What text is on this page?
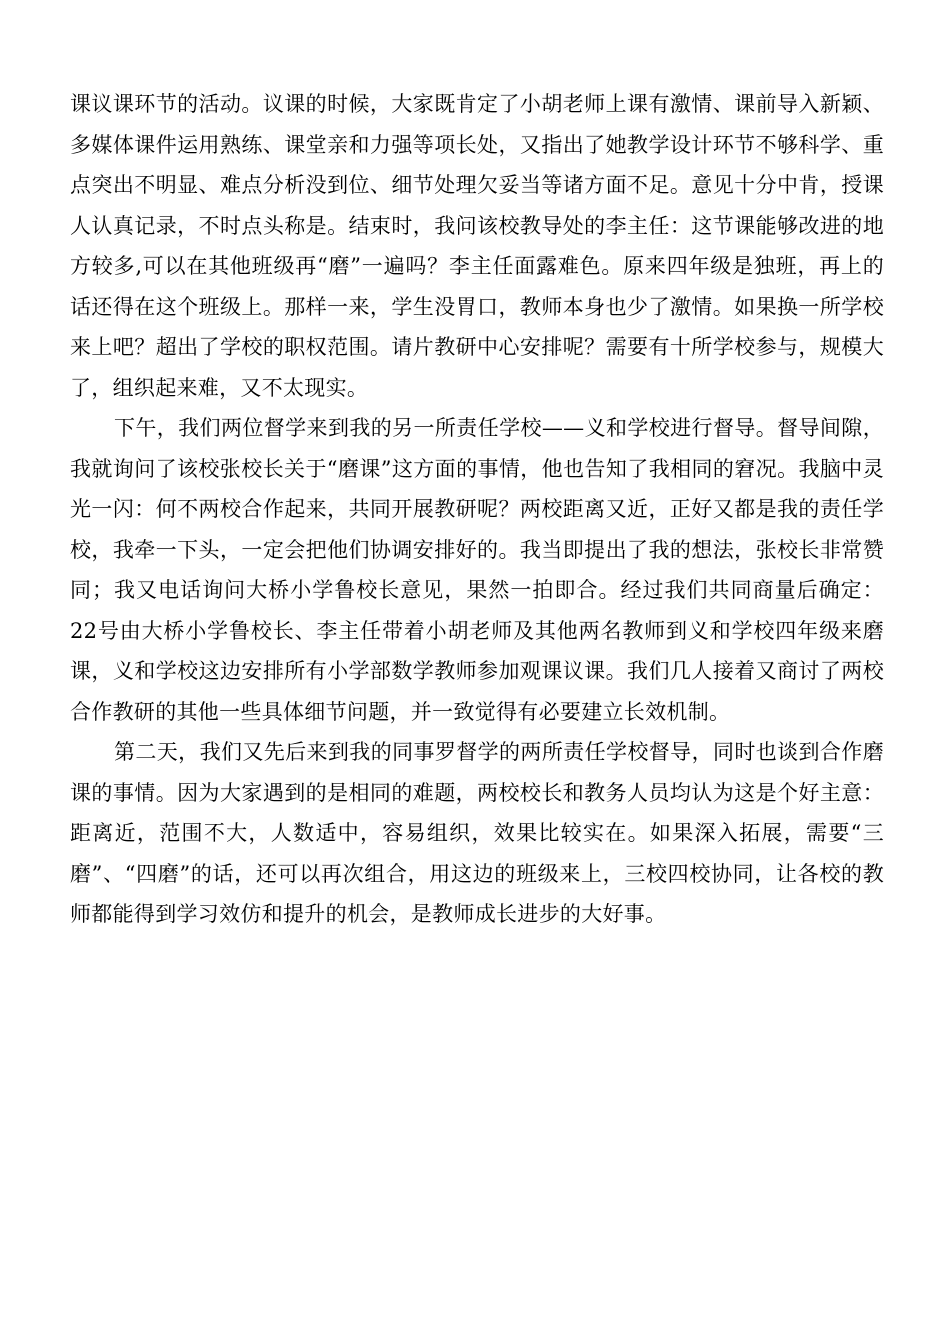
课议课环节的活动。议课的时候，大家既肯定了小胡老师上课有激情、课前导入新颖、多媒体课件运用熟练、课堂亲和力强等项长处，又指出了她教学设计环节不够科学、重点突出不明显、难点分析没到位、细节处理欠妥当等诸方面不足。意见十分中肯，授课人认真记录，不时点头称是。结束时，我问该校教导处的李主任：这节课能够改进的地方较多,可以在其他班级再“磨”一遍吗？李主任面露难色。原来四年级是独班，再上的话还得在这个班级上。那样一来，学生没胃口，教师本身也少了激情。如果换一所学校来上吧？超出了学校的职权范围。请片教研中心安排呢？需要有十所学校参与，规模大了，组织起来难，又不太现实。

下午，我们两位督学来到我的另一所责任学校——义和学校进行督导。督导间隙，我就询问了该校张校长关于“磨课”这方面的事情，他也告知了我相同的窘况。我脑中灵光一闪：何不两校合作起来，共同开展教研呢？两校距离又近，正好又都是我的责任学校，我牵一下头，一定会把他们协调安排好的。我当即提出了我的想法，张校长非常赞同；我又电话询问大桥小学鲁校长意见，果然一拍即合。经过我们共同商量后确定：22号由大桥小学鲁校长、李主任带着小胡老师及其他两名教师到义和学校四年级来磨课，义和学校这边安排所有小学部数学教师参加观课议课。我们几人接着又商讨了两校合作教研的其他一些具体细节问题，并一致觉得有必要建立长效机制。

第二天，我们又先后来到我的同事罗督学的两所责任学校督导，同时也谈到合作磨课的事情。因为大家遇到的是相同的难题，两校校长和教务人员均认为这是个好主意：距离近，范围不大，人数适中，容易组织，效果比较实在。如果深入拓展，需要“三磨”、“四磨”的话，还可以再次组合，用这边的班级来上，三校四校协同，让各校的教师都能得到学习效仿和提升的机会，是教师成长进步的大好事。
